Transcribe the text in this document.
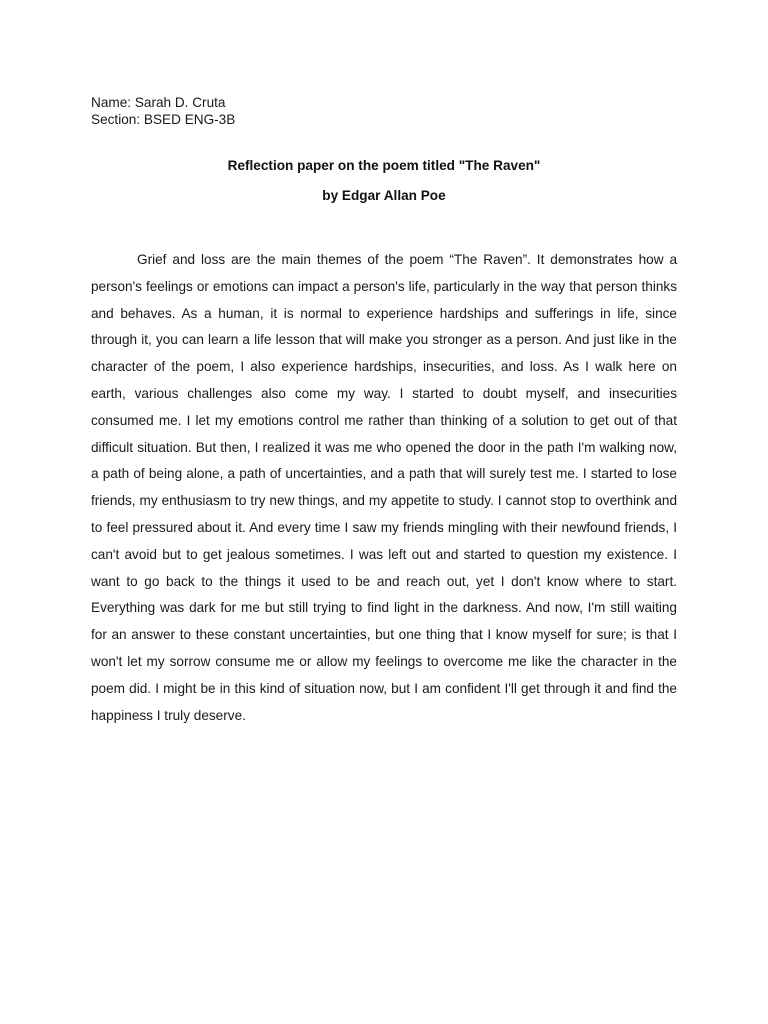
Name: Sarah D. Cruta
Section: BSED ENG-3B
Reflection paper on the poem titled "The Raven"
by Edgar Allan Poe

Grief and loss are the main themes of the poem “The Raven”. It demonstrates how a person's feelings or emotions can impact a person's life, particularly in the way that person thinks and behaves. As a human, it is normal to experience hardships and sufferings in life, since through it, you can learn a life lesson that will make you stronger as a person. And just like in the character of the poem, I also experience hardships, insecurities, and loss. As I walk here on earth, various challenges also come my way. I started to doubt myself, and insecurities consumed me. I let my emotions control me rather than thinking of a solution to get out of that difficult situation. But then, I realized it was me who opened the door in the path I'm walking now, a path of being alone, a path of uncertainties, and a path that will surely test me. I started to lose friends, my enthusiasm to try new things, and my appetite to study. I cannot stop to overthink and to feel pressured about it. And every time I saw my friends mingling with their newfound friends, I can't avoid but to get jealous sometimes. I was left out and started to question my existence. I want to go back to the things it used to be and reach out, yet I don't know where to start. Everything was dark for me but still trying to find light in the darkness. And now, I'm still waiting for an answer to these constant uncertainties, but one thing that I know myself for sure; is that I won't let my sorrow consume me or allow my feelings to overcome me like the character in the poem did. I might be in this kind of situation now, but I am confident I'll get through it and find the happiness I truly deserve.
